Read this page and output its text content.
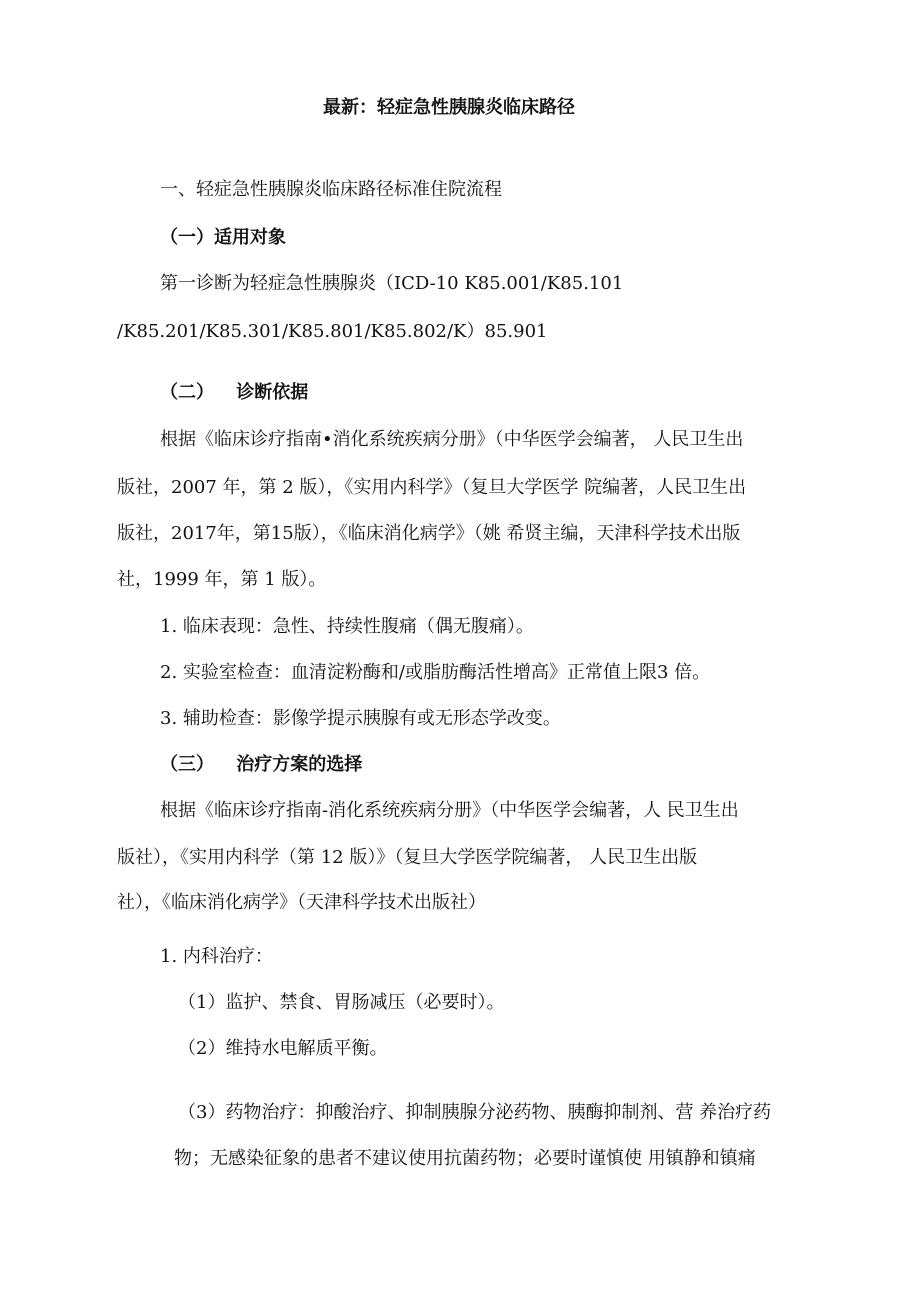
最新：轻症急性胰腺炎临床路径
一、轻症急性胰腺炎临床路径标准住院流程
（一）适用对象
第一诊断为轻症急性胰腺炎（ICD-10 K85.001/K85.101
/K85.201/K85.301/K85.801/K85.802/K）85.901
（二） 诊断依据
根据《临床诊疗指南•消化系统疾病分册》（中华医学会编著， 人民卫生出
版社，2007 年，第 2 版），《实用内科学》（复旦大学医学 院编著，人民卫生出
版社，2017年，第15版），《临床消化病学》（姚 希贤主编，天津科学技术出版
社，1999 年，第 1 版）。
1. 临床表现：急性、持续性腹痛（偶无腹痛）。
2. 实验室检查：血清淀粉酶和/或脂肪酶活性增高》正常值上限3 倍。
3. 辅助检查：影像学提示胰腺有或无形态学改变。
（三） 治疗方案的选择
根据《临床诊疗指南-消化系统疾病分册》（中华医学会编著，人 民卫生出
版社），《实用内科学（第 12 版）》（复旦大学医学院编著， 人民卫生出版
社），《临床消化病学》（天津科学技术出版社）
1. 内科治疗：
（1）监护、禁食、胃肠减压（必要时）。
（2）维持水电解质平衡。
（3）药物治疗：抑酸治疗、抑制胰腺分泌药物、胰酶抑制剂、营 养治疗药
物；无感染征象的患者不建议使用抗菌药物；必要时谨慎使 用镇静和镇痛
